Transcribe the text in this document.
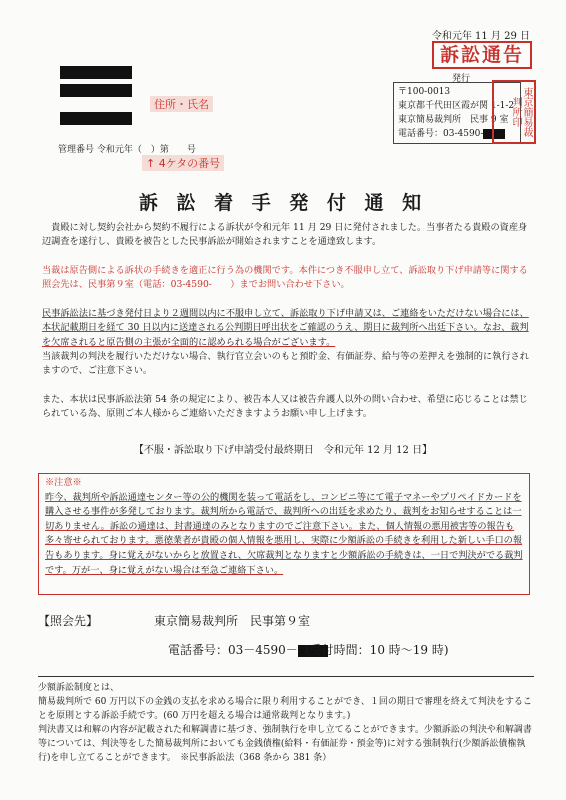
令和元年 11 月 29 日
訴訟通告
住所・氏名
発行
〒100-0013
東京都千代田区霞が関 1-1-2
東京簡易裁判所　民事 9 室
電話番号：03-4590-	東京簡易裁判所印
管理番号 令和元年（　）第　　号
↑ 4ケタの番号
訴 訟 着 手 発 付 通 知
　貴殿に対し契約会社から契約不履行による訴状が令和元年 11 月 29 日に発付されました。当事者たる貴殿の資産身辺調査を遂行し、貴殿を被告とした民事訴訟が開始されますことを通達致します。
当裁は原告側による訴状の手続きを適正に行う為の機関です。本件につき不服申し立て、訴訟取り下げ申請等に関する照会先は、民事第９室（電話：03-4590-　　）までお問い合わせ下さい。
民事訴訟法に基づき発付日より２週間以内に不服申し立て、訴訟取り下げ申請又は、ご連絡をいただけない場合には、本状記載期日を経て 30 日以内に送達される公判期日呼出状をご確認のうえ、期日に裁判所へ出廷下さい。なお、裁判を欠席されると原告側の主張が全面的に認められる場合がございます。
当該裁判の判決を履行いただけない場合、執行官立会いのもと預貯金、有価証券、給与等の差押えを強制的に執行されますので、ご注意下さい。
また、本状は民事訴訟法第 54 条の規定により、被告本人又は被告弁護人以外の問い合わせ、希望に応じることは禁じられている為、原則ご本人様からご連絡いただきますようお願い申し上げます。
【不服・訴訟取り下げ申請受付最終期日　令和元年 12 月 12 日】
※注意※
昨今、裁判所や訴訟通達センター等の公的機関を装って電話をし、コンビニ等にて電子マネーやプリペイドカードを購入させる事件が多発しております。裁判所から電話で、裁判所への出廷を求めたり、裁判をお知らせすることは一切ありません。訴訟の通達は、封書通達のみとなりますのでご注意下さい。また、個人情報の悪用被害等の報告も多々寄せられております。悪徳業者が貴殿の個人情報を悪用し、実際に少額訴訟の手続きを利用した新しい手口の報告もあります。身に覚えがないからと放置され、欠席裁判となりますと少額訴訟の手続きは、一日で判決がでる裁判です。万が一、身に覚えがない場合は至急ご連絡下さい。
【照会先】	東京簡易裁判所　民事第９室
電話番号：03－4590－ (受付時間：10 時～19 時)
少額訴訟制度とは、
簡易裁判所で 60 万円以下の金銭の支払を求める場合に限り利用することができ、１回の期日で審理を終えて判決をすることを原則とする訴訟手続です。(60 万円を超える場合は通常裁判となります。)
判決書又は和解の内容が記載された和解調書に基づき、強制執行を申し立てることができます。少額訴訟の判決や和解調書等については、判決等をした簡易裁判所においても金銭債権(給料・有価証券・預金等)に対する強制執行(少額訴訟債権執行)を申し立てることができます。　※民事訴訟法（368 条から 381 条）
